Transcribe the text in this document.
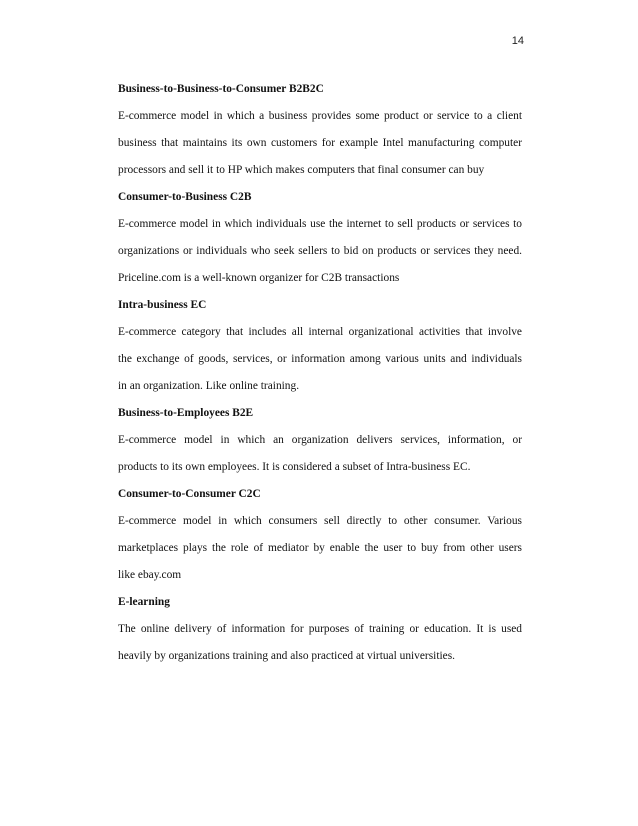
14

Business-to-Business-to-Consumer B2B2C

E-commerce model in which a business provides some product or service to a client
business that maintains its own customers for example Intel manufacturing computer
processors and sell it to HP which makes computers that final consumer can buy

Consumer-to-Business C2B

E-commerce model in which individuals use the internet to sell products or services to
organizations or individuals who seek sellers to bid on products or services they need.
Priceline.com is a well-known organizer for C2B transactions

Intra-business EC

E-commerce category that includes all internal organizational activities that involve
the exchange of goods, services, or information among various units and individuals
in an organization. Like online training.

Business-to-Employees B2E

E-commerce model in which an organization delivers services, information, or
products to its own employees. It is considered a subset of Intra-business EC.

Consumer-to-Consumer C2C

E-commerce model in which consumers sell directly to other consumer. Various
marketplaces plays the role of mediator by enable the user to buy from other users
like ebay.com

E-learning

The online delivery of information for purposes of training or education. It is used
heavily by organizations training and also practiced at virtual universities.
